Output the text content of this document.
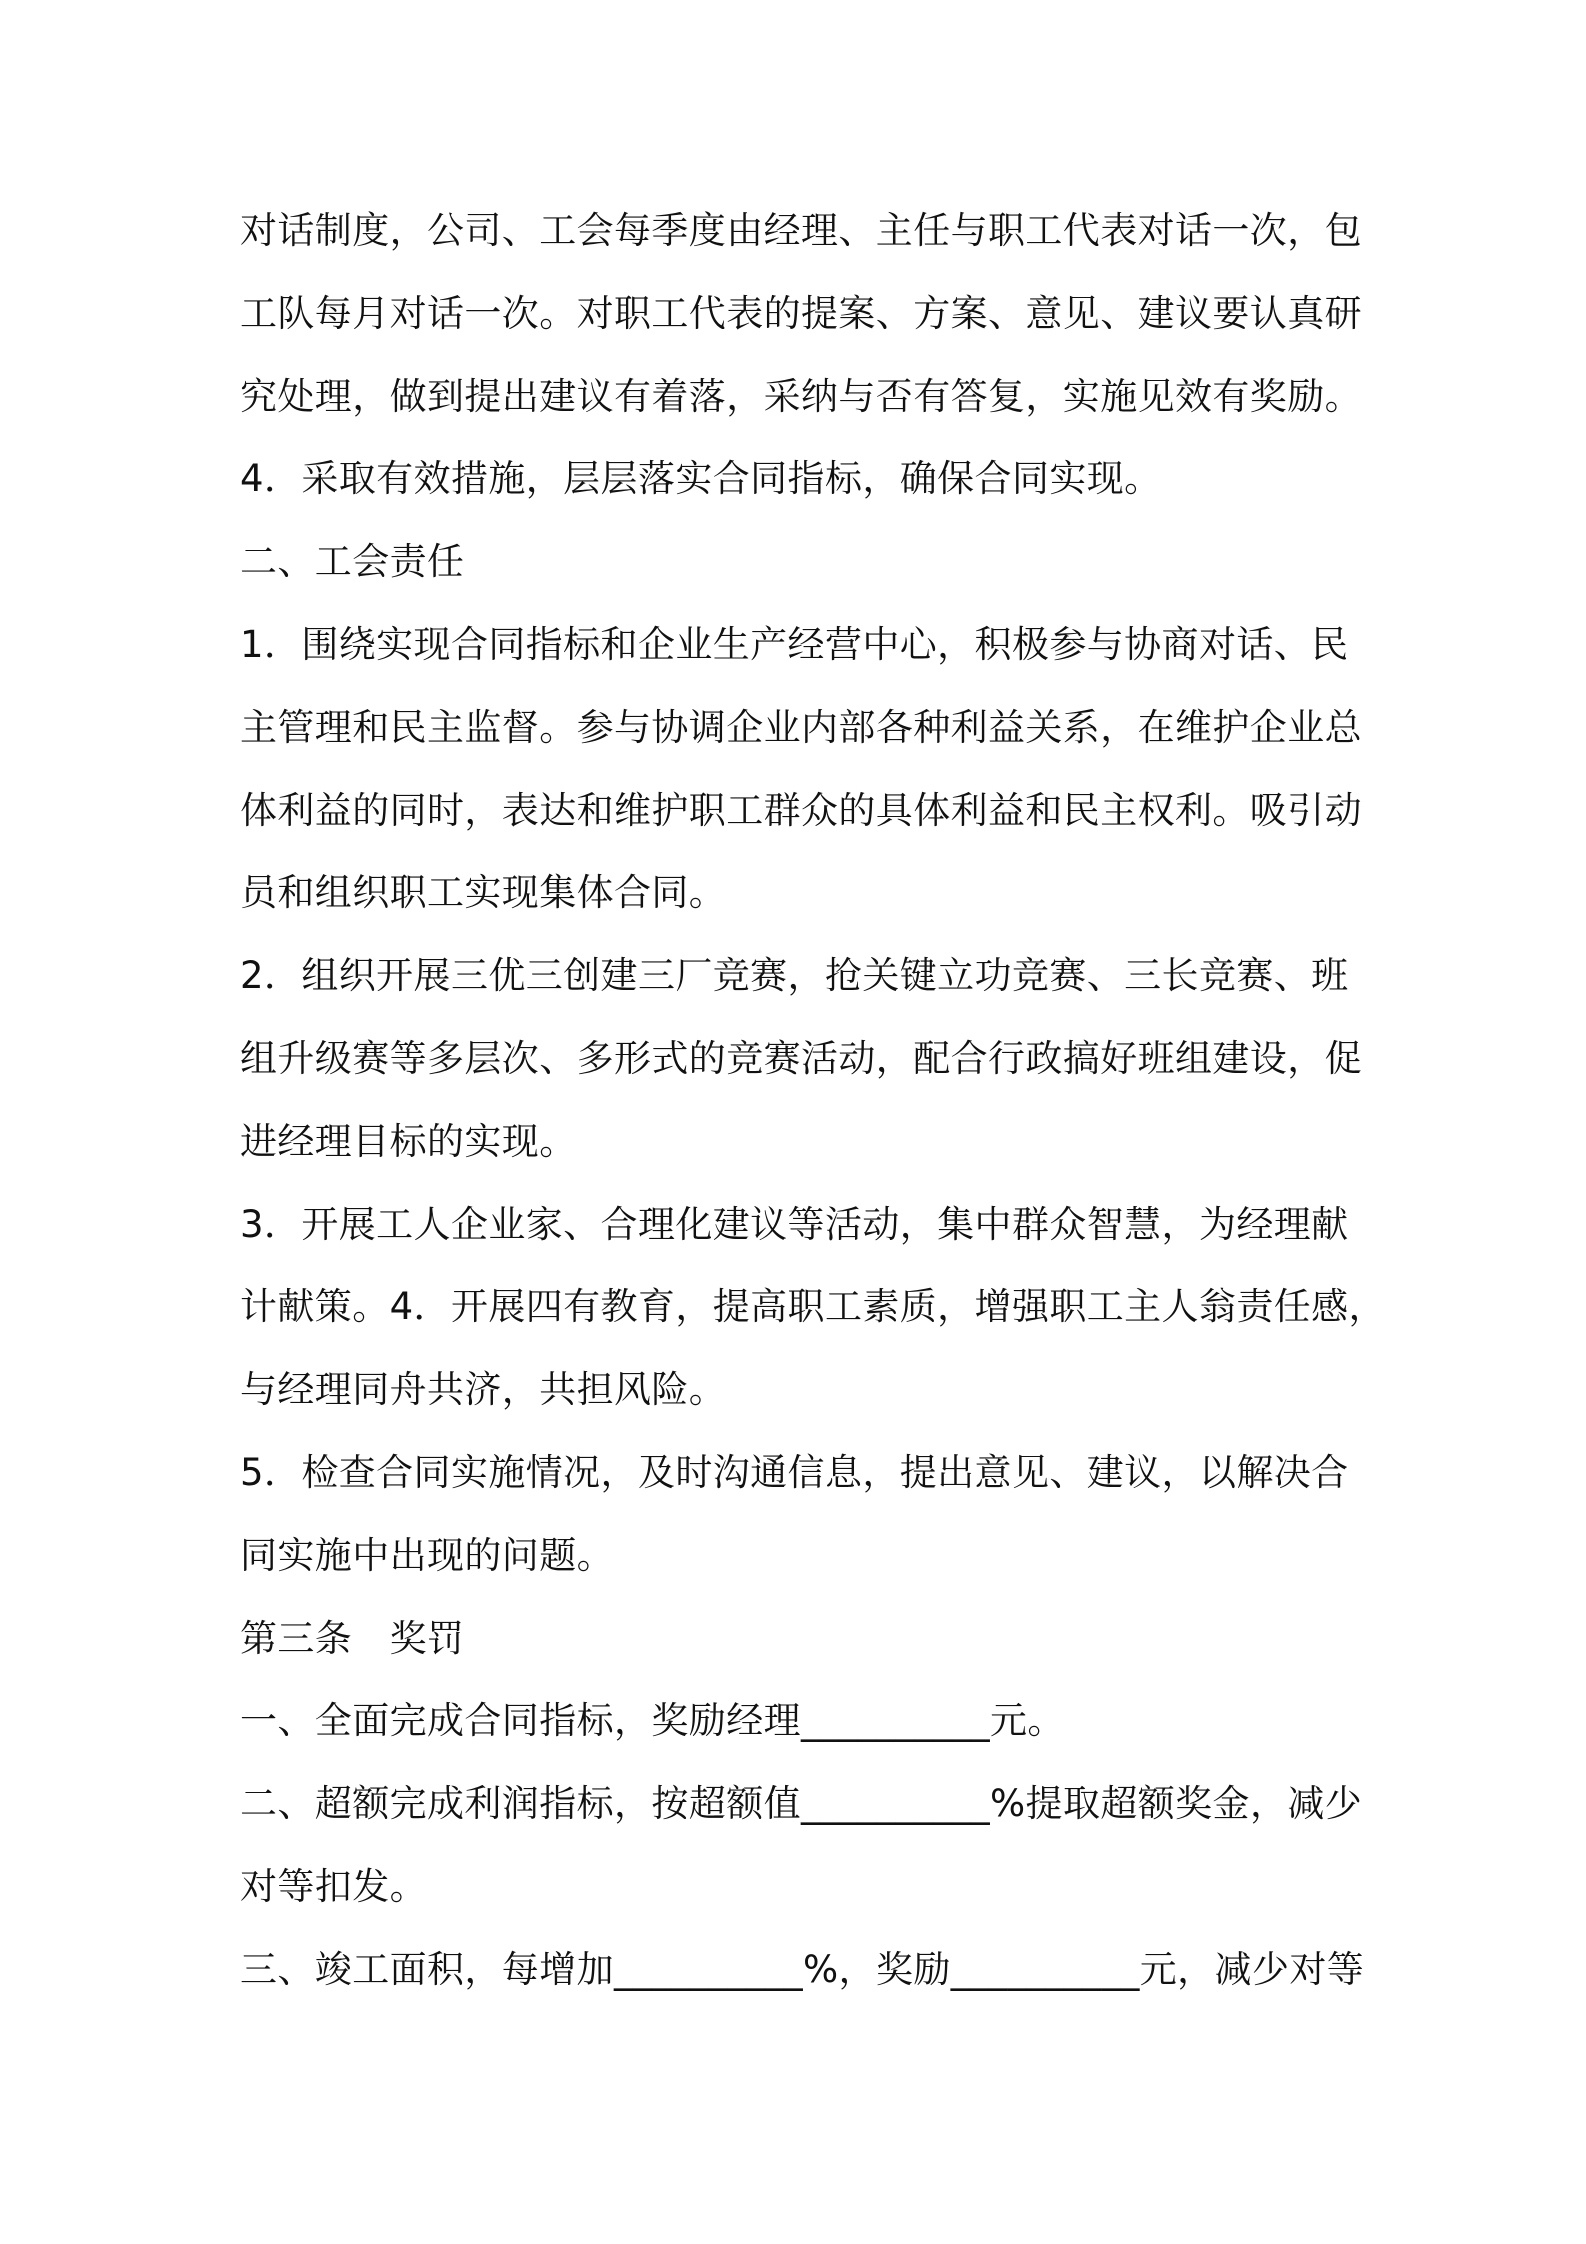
对话制度，公司、工会每季度由经理、主任与职工代表对话一次，包
工队每月对话一次。对职工代表的提案、方案、意见、建议要认真研
究处理，做到提出建议有着落，采纳与否有答复，实施见效有奖励。
4．采取有效措施，层层落实合同指标，确保合同实现。
二、工会责任
1．围绕实现合同指标和企业生产经营中心，积极参与协商对话、民
主管理和民主监督。参与协调企业内部各种利益关系，在维护企业总
体利益的同时，表达和维护职工群众的具体利益和民主权利。吸引动
员和组织职工实现集体合同。
2．组织开展三优三创建三厂竞赛，抢关键立功竞赛、三长竞赛、班
组升级赛等多层次、多形式的竞赛活动，配合行政搞好班组建设，促
进经理目标的实现。
3．开展工人企业家、合理化建议等活动，集中群众智慧，为经理献
计献策。4．开展四有教育，提高职工素质，增强职工主人翁责任感，
与经理同舟共济，共担风险。
5．检查合同实施情况，及时沟通信息，提出意见、建议，以解决合
同实施中出现的问题。
第三条　奖罚
一、全面完成合同指标，奖励经理__________元。
二、超额完成利润指标，按超额值__________%提取超额奖金，减少
对等扣发。
三、竣工面积，每增加__________%，奖励__________元，减少对等
